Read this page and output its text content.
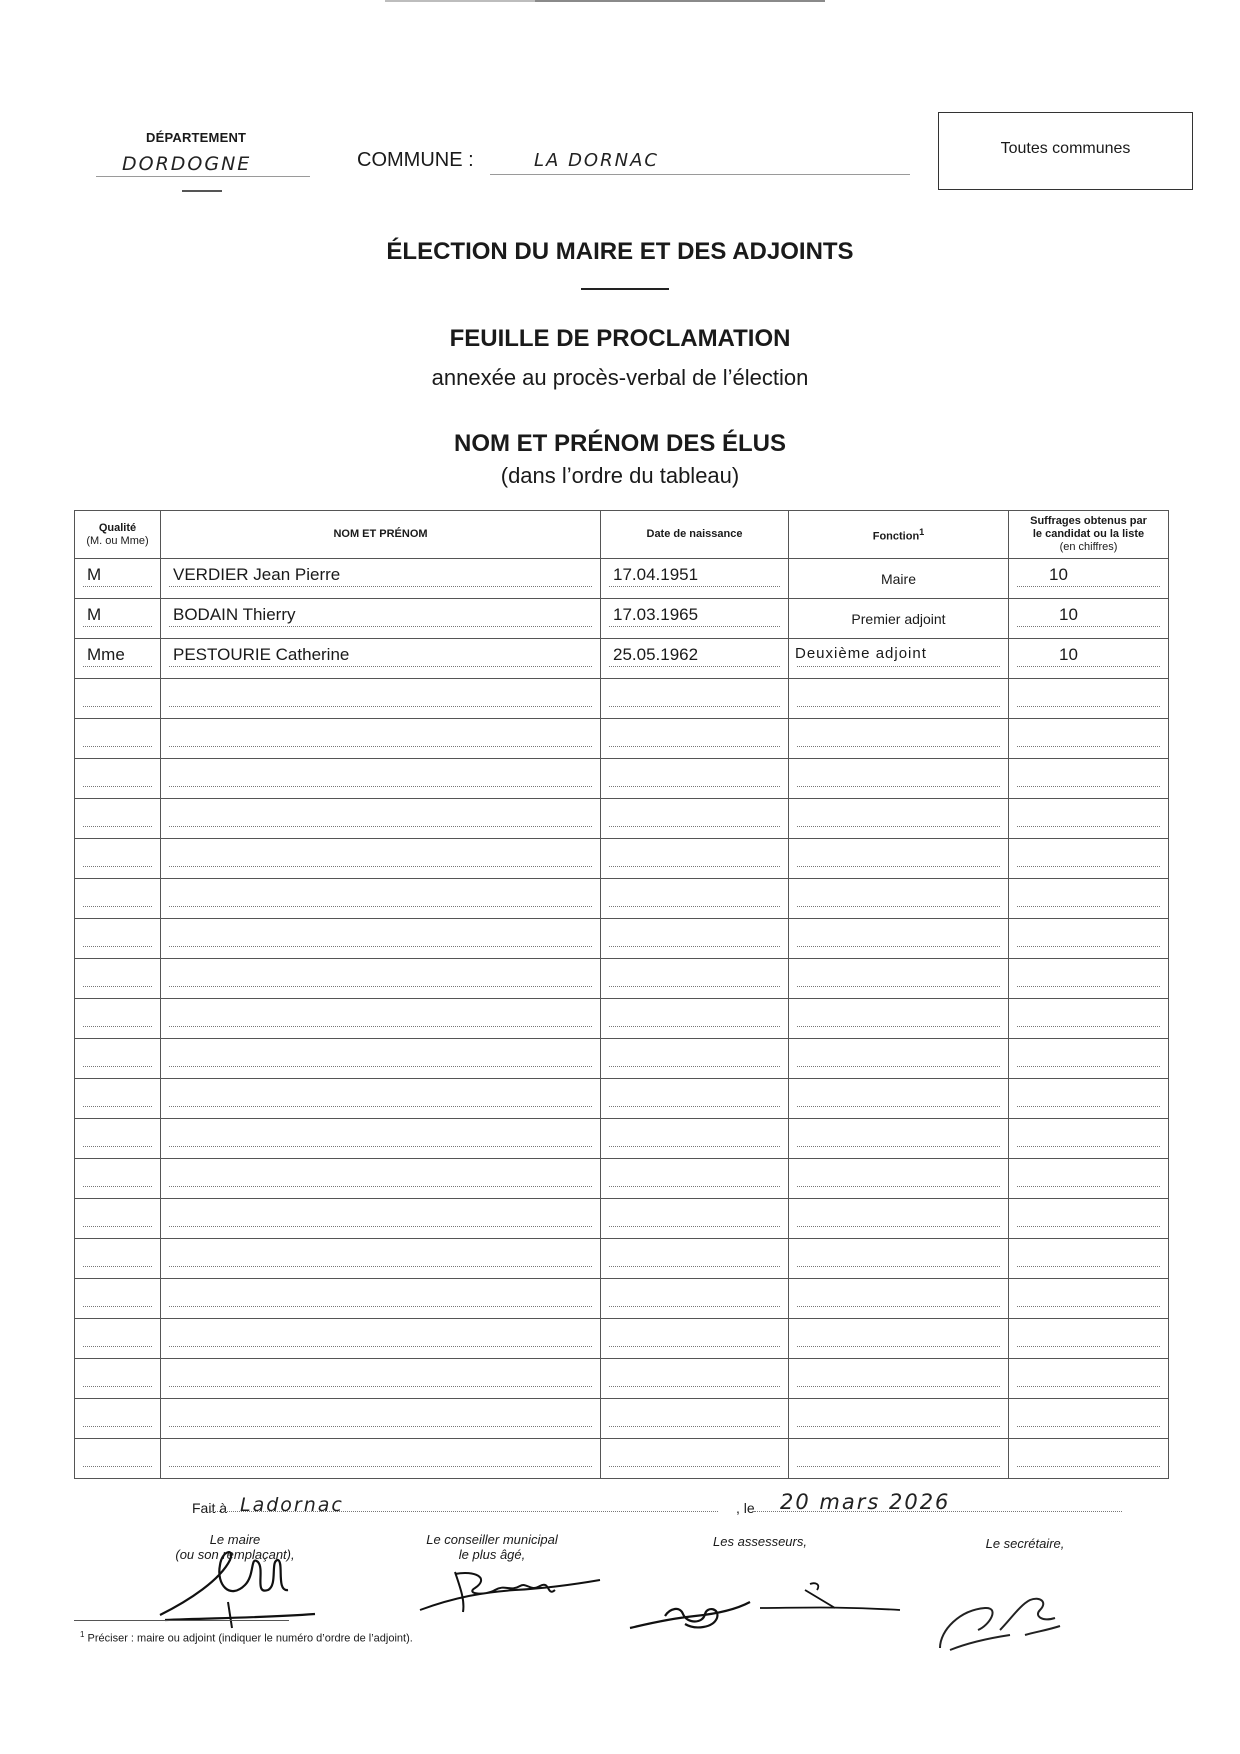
DÉPARTEMENT
DORDOGNE	COMMUNE :	LA DORNAC
Toutes communes
ÉLECTION DU MAIRE ET DES ADJOINTS
FEUILLE DE PROCLAMATION
annexée au procès-verbal de l’élection
NOM ET PRÉNOM DES ÉLUS
(dans l’ordre du tableau)
Qualité
(M. ou Mme)	NOM ET PRÉNOM	Date de naissance	Fonction$^1$	Suffrages obtenus par
le candidat ou la liste
(en chiffres)

M	VERDIER Jean Pierre	17.04.1951	Maire	10

M	BODAIN Thierry	17.03.1965	Premier adjoint	10

Mme	PESTOURIE Catherine	25.05.1962	Deuxième adjoint	10

Fait à Ladornac	, le 20 mars 2026
Le maire
(ou son remplaçant),
Le conseiller municipal
le plus âgé,
Les assesseurs,	Le secrétaire,
$^1$ Préciser : maire ou adjoint (indiquer le numéro d’ordre de l’adjoint).
